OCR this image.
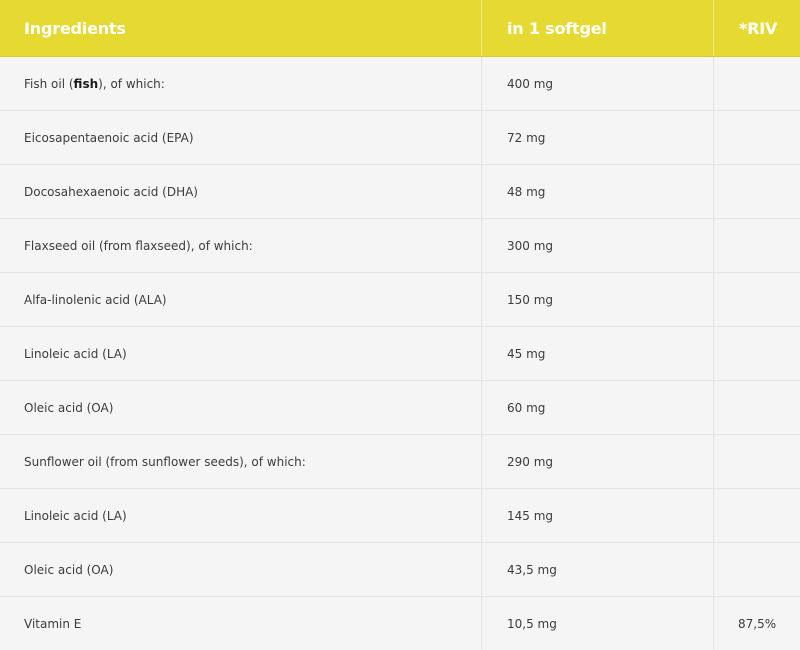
Ingredients	in 1 softgel	*RIV
Fish oil ( fish ), of which:	400 mg
Eicosapentaenoic acid (EPA)	72 mg
Docosahexaenoic acid (DHA)	48 mg
Flaxseed oil (from flaxseed), of which:	300 mg
Alfa-linolenic acid (ALA)	150 mg
Linoleic acid (LA)	45 mg
Oleic acid (OA)	60 mg
Sunflower oil (from sunflower seeds), of which:	290 mg
Linoleic acid (LA)	145 mg
Oleic acid (OA)	43,5 mg
Vitamin E	10,5 mg	87,5%
